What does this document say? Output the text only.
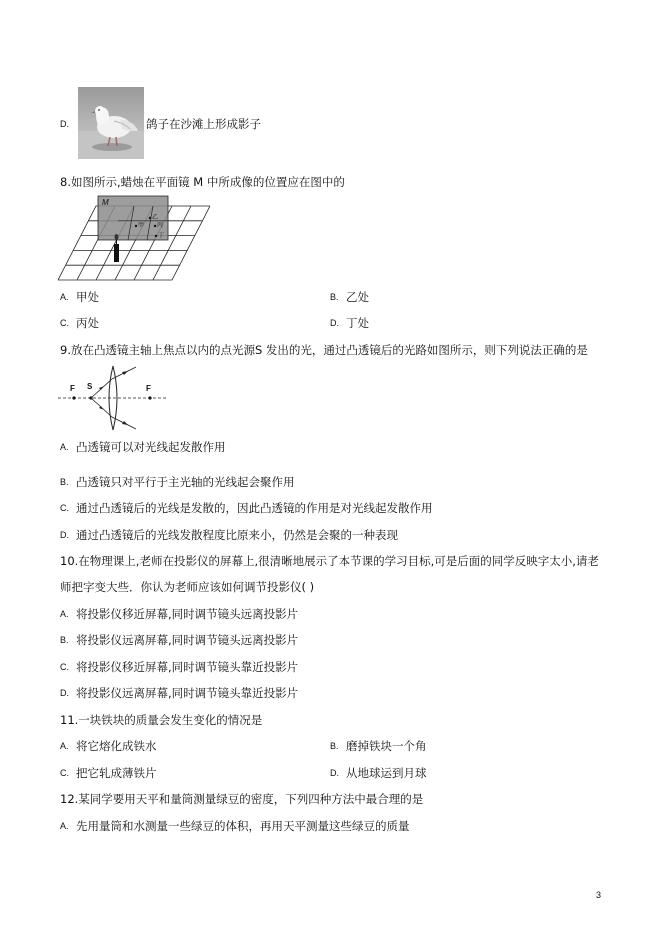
D.	鸽子在沙滩上形成影子
8.如图所示,蜡烛在平面镜 M 中所成像的位置应在图中的
M
甲
乙
丙
丁
A. 甲处	B. 乙处
C. 丙处	D. 丁处
9.放在凸透镜主轴上焦点以内的点光源S 发出的光，通过凸透镜后的光路如图所示，则下列说法正确的是
F S	F
A. 凸透镜可以对光线起发散作用
B. 凸透镜只对平行于主光轴的光线起会聚作用
C. 通过凸透镜后的光线是发散的，因此凸透镜的作用是对光线起发散作用
D. 通过凸透镜后的光线发散程度比原来小，仍然是会聚的一种表现
10.在物理课上,老师在投影仪的屏幕上,很清晰地展示了本节课的学习目标,可是后面的同学反映字太小,请老
师把字变大些．你认为老师应该如何调节投影仪( )
A. 将投影仪移近屏幕,同时调节镜头远离投影片
B. 将投影仪远离屏幕,同时调节镜头远离投影片
C. 将投影仪移近屏幕,同时调节镜头靠近投影片
D. 将投影仪远离屏幕,同时调节镜头靠近投影片
11.一块铁块的质量会发生变化的情况是
A. 将它熔化成铁水	B. 磨掉铁块一个角
C. 把它轧成薄铁片	D. 从地球运到月球
12.某同学要用天平和量筒测量绿豆的密度，下列四种方法中最合理的是
A. 先用量筒和水测量一些绿豆的体积，再用天平测量这些绿豆的质量
3
